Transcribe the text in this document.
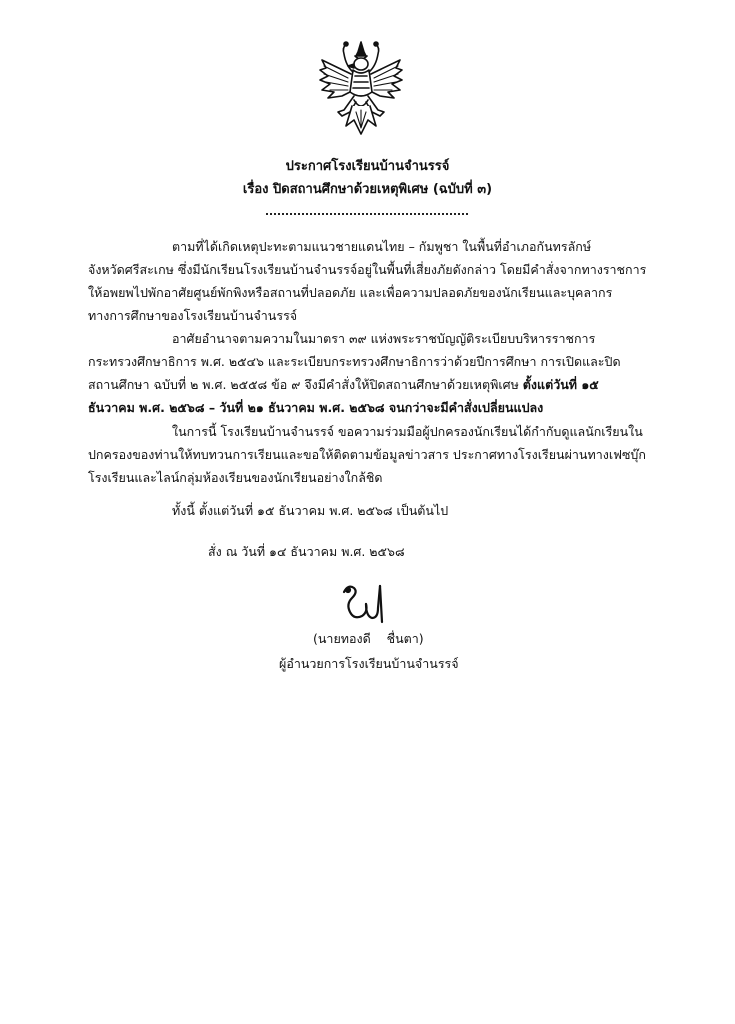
ประกาศโรงเรียนบ้านจำนรรจ์
เรื่อง ปิดสถานศึกษาด้วยเหตุพิเศษ (ฉบับที่ ๓)
ตามที่ได้เกิดเหตุปะทะตามแนวชายแดนไทย – กัมพูชา ในพื้นที่อำเภอกันทรลักษ์
จังหวัดศรีสะเกษ ซึ่งมีนักเรียนโรงเรียนบ้านจำนรรจ์อยู่ในพื้นที่เสี่ยงภัยดังกล่าว โดยมีคำสั่งจากทางราชการ
ให้อพยพไปพักอาศัยศูนย์พักพิงหรือสถานที่ปลอดภัย และเพื่อความปลอดภัยของนักเรียนและบุคลากร
ทางการศึกษาของโรงเรียนบ้านจำนรรจ์
อาศัยอำนาจตามความในมาตรา ๓๙ แห่งพระราชบัญญัติระเบียบบริหารราชการ
กระทรวงศึกษาธิการ พ.ศ. ๒๕๔๖ และระเบียบกระทรวงศึกษาธิการว่าด้วยปีการศึกษา การเปิดและปิด
สถานศึกษา ฉบับที่ ๒ พ.ศ. ๒๕๕๘ ข้อ ๙ จึงมีคำสั่งให้ปิดสถานศึกษาด้วยเหตุพิเศษ ตั้งแต่วันที่ ๑๕
ธันวาคม พ.ศ. ๒๕๖๘ – วันที่ ๒๑ ธันวาคม พ.ศ. ๒๕๖๘ จนกว่าจะมีคำสั่งเปลี่ยนแปลง
ในการนี้ โรงเรียนบ้านจำนรรจ์ ขอความร่วมมือผู้ปกครองนักเรียนได้กำกับดูแลนักเรียนใน
ปกครองของท่านให้ทบทวนการเรียนและขอให้ติดตามข้อมูลข่าวสาร ประกาศทางโรงเรียนผ่านทางเฟซบุ๊ก
โรงเรียนและไลน์กลุ่มห้องเรียนของนักเรียนอย่างใกล้ชิด
ทั้งนี้ ตั้งแต่วันที่ ๑๕ ธันวาคม พ.ศ. ๒๕๖๘ เป็นต้นไป
สั่ง ณ วันที่ ๑๔ ธันวาคม พ.ศ. ๒๕๖๘
(นายทองดี    ชื่นตา)
ผู้อำนวยการโรงเรียนบ้านจำนรรจ์
